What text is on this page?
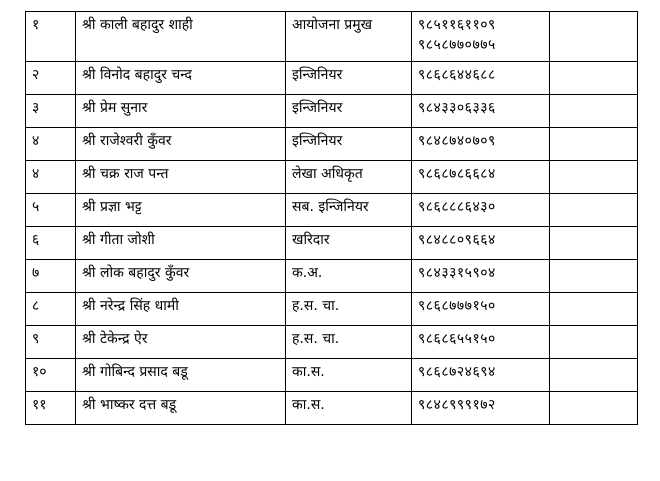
१	श्री काली बहादुर शाही	आयोजना प्रमुख	९८५११६११०९
९८५८७७०७७५	

२	श्री विनोद बहादुर चन्द	इन्जिनियर	९८६८६४४६८८	

३	श्री प्रेम सुनार	इन्जिनियर	९८४३३०६३३६	

४	श्री राजेश्वरी कुँवर	इन्जिनियर	९८४८७४०७०९	

४	श्री चक्र राज पन्त	लेखा अधिकृत	९८६८७८६६८४	

५	श्री प्रज्ञा भट्ट	सब. इन्जिनियर	९८६८८८६४३०	

६	श्री गीता जोशी	खरिदार	९८४८८०९६६४	

७	श्री लोक बहादुर कुँवर	क.अ.	९८४३३१५९०४	

८	श्री नरेन्द्र सिंह धामी	ह.स. चा.	९८६८७७७१५०	

९	श्री टेकेन्द्र ऐर	ह.स. चा.	९८६८६५५१५०	

१०	श्री गोबिन्द प्रसाद बडू	का.स.	९८६८७२४६९४	

११	श्री भाष्कर दत्त बडू	का.स.	९८४८९९९१७२	
